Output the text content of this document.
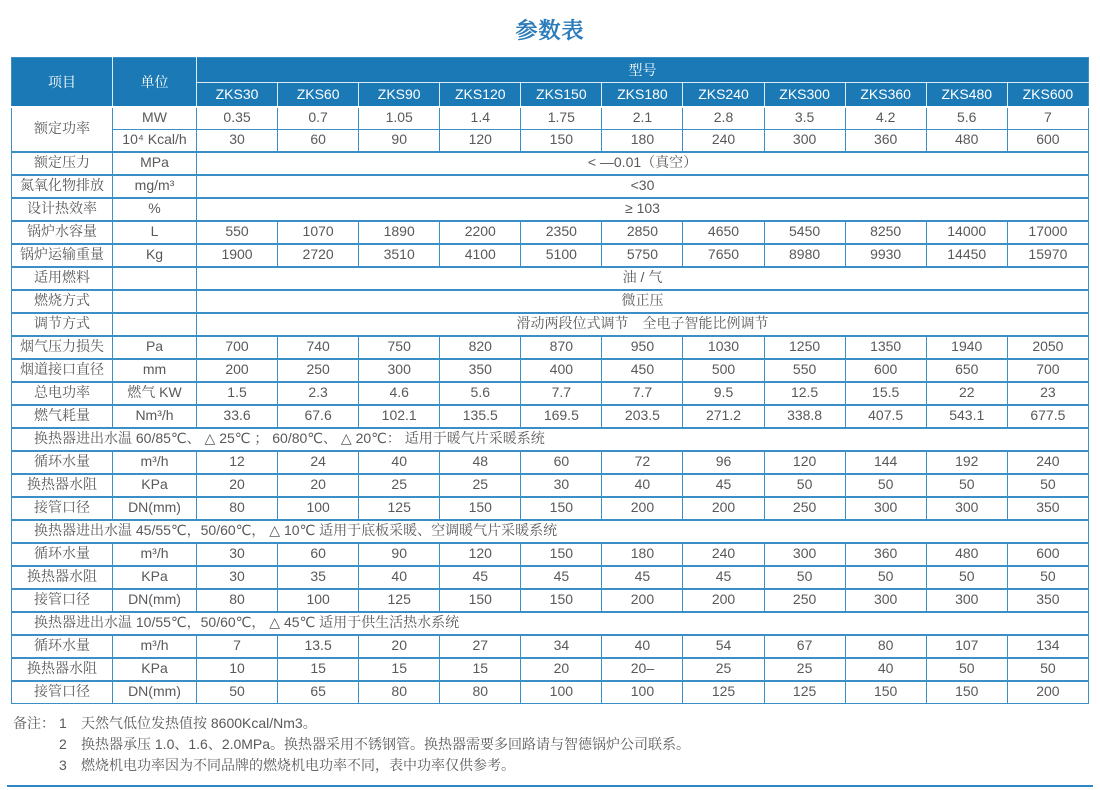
参数表
项目	单位	型号										
		ZKS30	ZKS60	ZKS90	ZKS120	ZKS150	ZKS180	ZKS240	ZKS300	ZKS360	ZKS480	ZKS600
额定功率	MW	0.35	0.7	1.05	1.4	1.75	2.1	2.8	3.5	4.2	5.6	7
	10⁴ Kcal/h	30	60	90	120	150	180	240	300	360	480	600
额定压力	MPa	< —0.01（真空）										
氮氧化物排放	mg/m³	<30										
设计热效率	%	≥ 103										
锅炉水容量	L	550	1070	1890	2200	2350	2850	4650	5450	8250	14000	17000
锅炉运输重量	Kg	1900	2720	3510	4100	5100	5750	7650	8980	9930	14450	15970
适用燃料		油 / 气										
燃烧方式		微正压										
调节方式		滑动两段位式调节　全电子智能比例调节										
烟气压力损失	Pa	700	740	750	820	870	950	1030	1250	1350	1940	2050
烟道接口直径	mm	200	250	300	350	400	450	500	550	600	650	700
总电功率	燃气 KW	1.5	2.3	4.6	5.6	7.7	7.7	9.5	12.5	15.5	22	23
燃气耗量	Nm³/h	33.6	67.6	102.1	135.5	169.5	203.5	271.2	338.8	407.5	543.1	677.5
换热器进出水温 60/85℃、 △ 25℃ ； 60/80℃、 △ 20℃： 适用于暖气片采暖系统												
循环水量	m³/h	12	24	40	48	60	72	96	120	144	192	240
换热器水阻	KPa	20	20	25	25	30	40	45	50	50	50	50
接管口径	DN(mm)	80	100	125	150	150	200	200	250	300	300	350
换热器进出水温 45/55℃，50/60℃， △ 10℃ 适用于底板采暖、空调暖气片采暖系统												
循环水量	m³/h	30	60	90	120	150	180	240	300	360	480	600
换热器水阻	KPa	30	35	40	45	45	45	45	50	50	50	50
接管口径	DN(mm)	80	100	125	150	150	200	200	250	300	300	350
换热器进出水温 10/55℃，50/60℃， △ 45℃ 适用于供生活热水系统												
循环水量	m³/h	7	13.5	20	27	34	40	54	67	80	107	134
换热器水阻	KPa	10	15	15	15	20	20–	25	25	40	50	50
接管口径	DN(mm)	50	65	80	80	100	100	125	125	150	150	200
备注： 1	天然气低位发热值按 8600Kcal/Nm3。
2	换热器承压 1.0、1.6、2.0MPa。换热器采用不锈钢管。换热器需要多回路请与智德锅炉公司联系。
3	燃烧机电功率因为不同品牌的燃烧机电功率不同，表中功率仅供参考。
